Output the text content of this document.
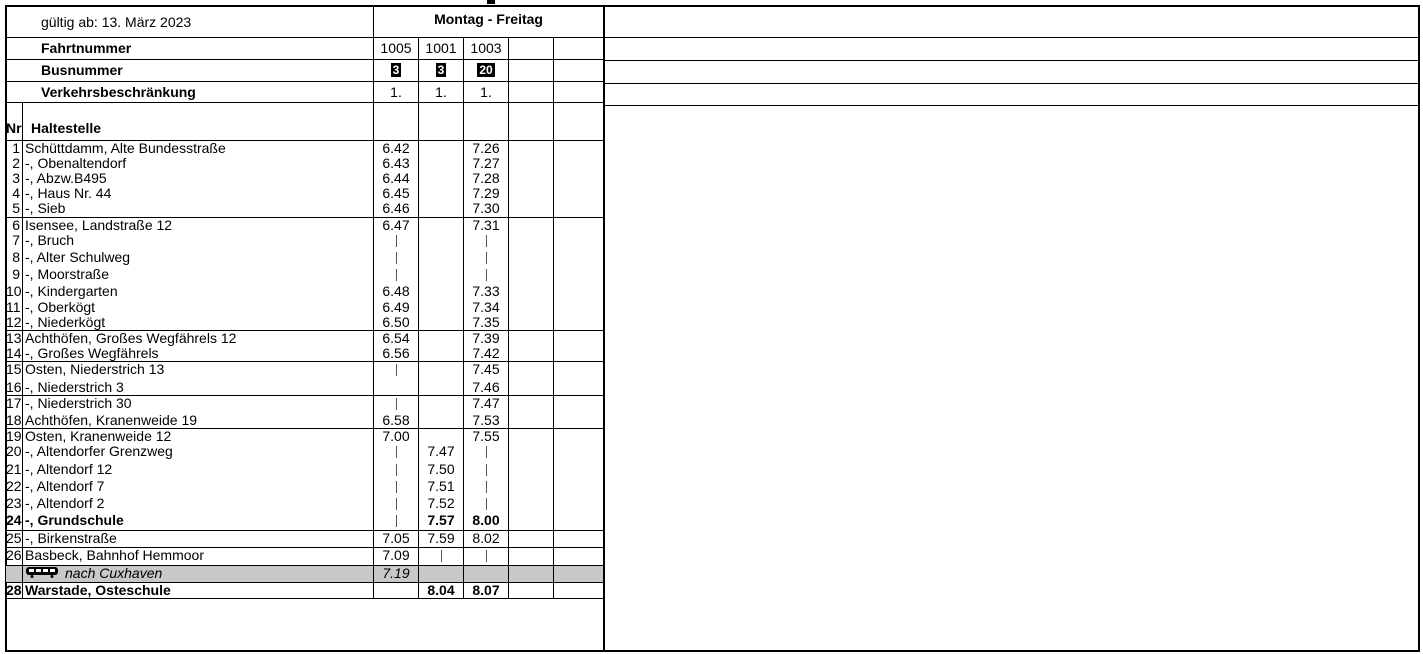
gültig ab: 13. März 2023		Montag - Freitag				
Fahrtnummer		1005	1001	1003		
Busnummer		3	3	20		
Verkehrsbeschränkung		1.	1.	1.		
Nr	Haltestelle					
1	Schüttdamm, Alte Bundesstraße	6.42		7.26		
2	-, Obenaltendorf	6.43		7.27		
3	-, Abzw.B495	6.44		7.28		
4	-, Haus Nr. 44	6.45		7.29		
5	-, Sieb	6.46		7.30		
6	Isensee, Landstraße 12	6.47		7.31		
7	-, Bruch					
8	-, Alter Schulweg					
9	-, Moorstraße					
10	-, Kindergarten	6.48		7.33		
11	-, Oberkögt	6.49		7.34		
12	-, Niederkögt	6.50		7.35		
13	Achthöfen, Großes Wegfährels 12	6.54		7.39		
14	-, Großes Wegfährels	6.56		7.42		
15	Osten, Niederstrich 13			7.45		
16	-, Niederstrich 3			7.46		
17	-, Niederstrich 30			7.47		
18	Achthöfen, Kranenweide 19	6.58		7.53		
19	Osten, Kranenweide 12	7.00		7.55		
20	-, Altendorfer Grenzweg		7.47			
21	-, Altendorf 12		7.50			
22	-, Altendorf 7		7.51			
23	-, Altendorf 2		7.52			
24	-, Grundschule		7.57	8.00		
25	-, Birkenstraße	7.05	7.59	8.02		
26	Basbeck, Bahnhof Hemmoor	7.09				
	nach Cuxhaven	7.19				
28	Warstade, Osteschule		8.04	8.07		
